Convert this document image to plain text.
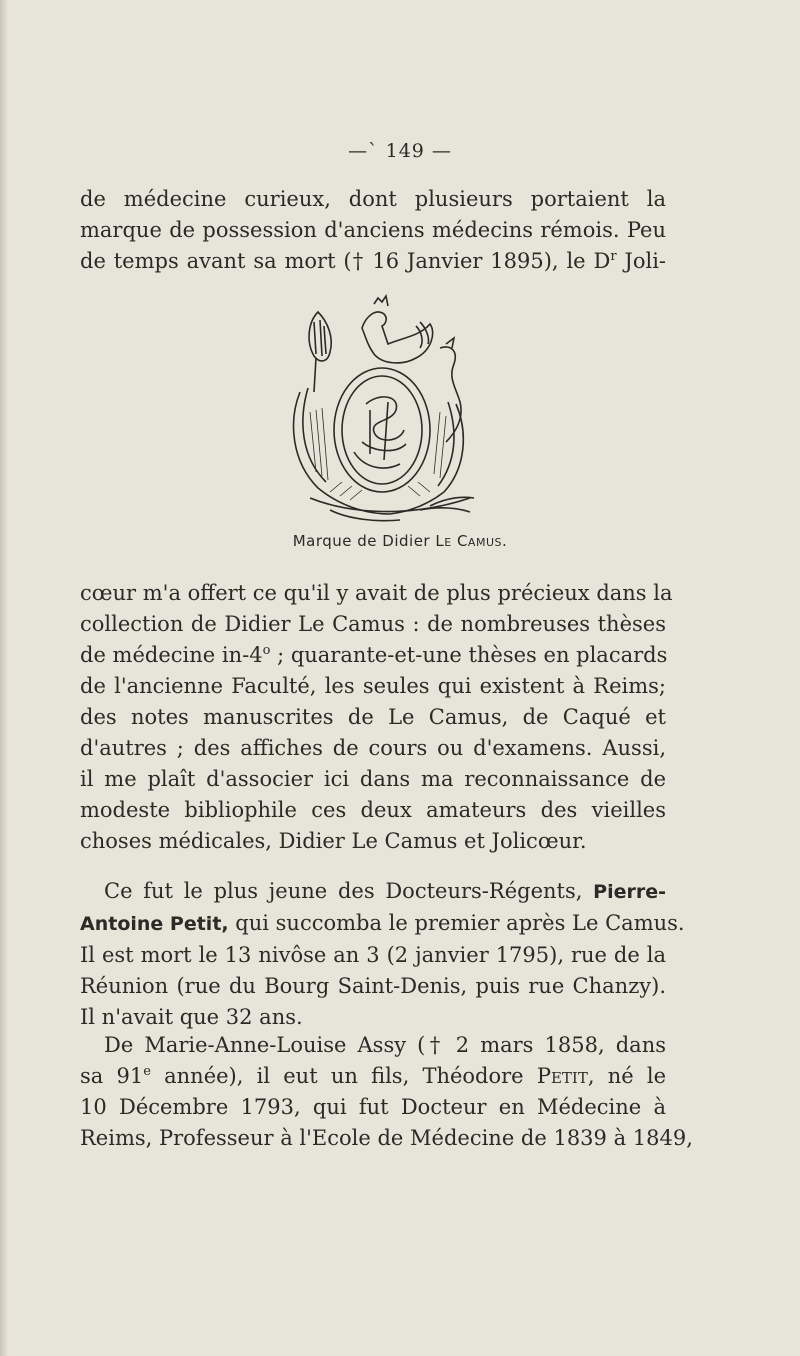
—` 149 —
de médecine curieux, dont plusieurs portaient la
marque de possession d'anciens médecins rémois. Peu
de temps avant sa mort († 16 Janvier 1895), le $D^r$ Joli-
Marque de Didier Le Camus.
cœur m'a offert ce qu'il y avait de plus précieux dans la
collection de Didier Le Camus : de nombreuses thèses
de médecine in-4$^o$ ; quarante-et-une thèses en placards
de l'ancienne Faculté, les seules qui existent à Reims;
des notes manuscrites de Le Camus, de Caqué et
d'autres ; des affiches de cours ou d'examens. Aussi,
il me plaît d'associer ici dans ma reconnaissance de
modeste bibliophile ces deux amateurs des vieilles
choses médicales, Didier Le Camus et Jolicœur.
Ce fut le plus jeune des Docteurs-Régents, Pierre-
Antoine Petit, qui succomba le premier après Le Camus.
Il est mort le 13 nivôse an 3 (2 janvier 1795), rue de la
Réunion (rue du Bourg Saint-Denis, puis rue Chanzy).
Il n'avait que 32 ans.
De Marie-Anne-Louise Assy († 2 mars 1858, dans
sa 91e année), il eut un fils, Théodore Petit, né le
10 Décembre 1793, qui fut Docteur en Médecine à
Reims, Professeur à l'Ecole de Médecine de 1839 à 1849,
